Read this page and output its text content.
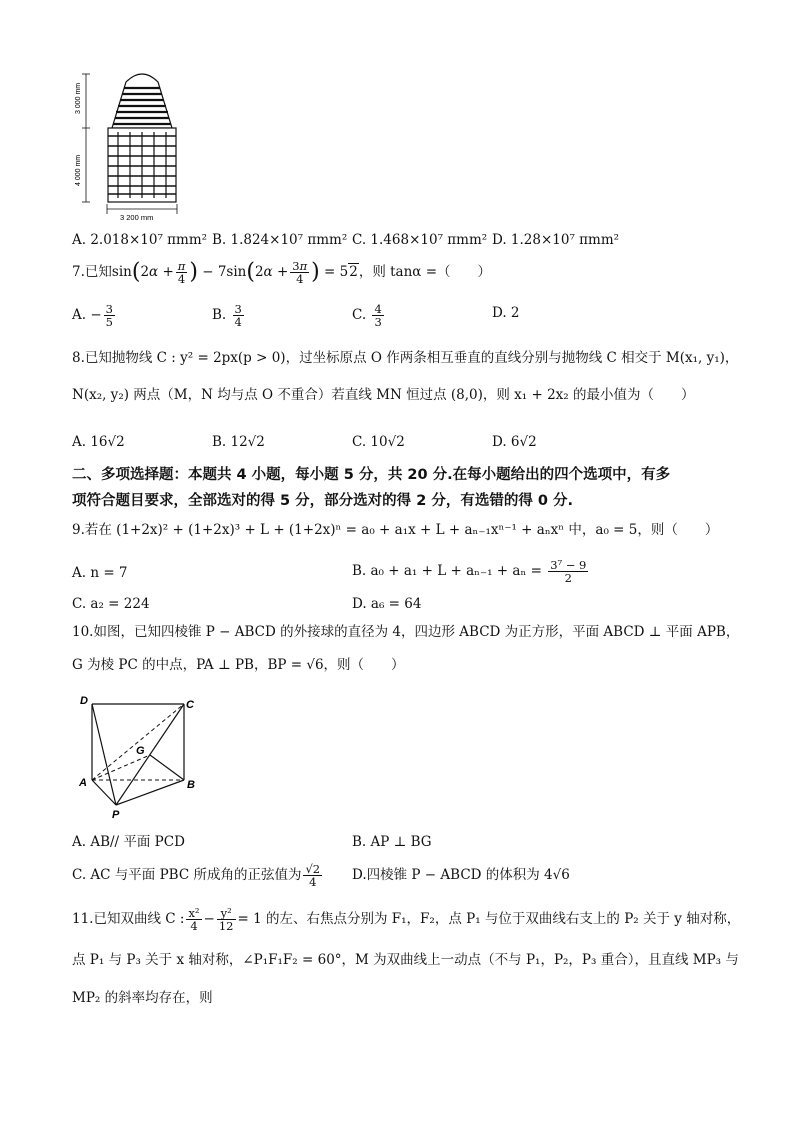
3 000 mm
4 000 mm
3 200 mm
A. 2.018×10⁷ πmm² B. 1.824×10⁷ πmm² C. 1.468×10⁷ πmm² D. 1.28×10⁷ πmm²
7.已知$\sin(2\alpha + \frac{\pi}{4}$ ) − $7\sin(2\alpha + \frac{3\pi}{4}$ ) = 52，则 tanα =（　　）
A. − $\frac{3}{5}$	B. $\frac{3}{4}$	C. $\frac{4}{3}$	D. 2
8.已知抛物线 C : y² = 2px(p > 0)，过坐标原点 O 作两条相互垂直的直线分别与抛物线 C 相交于 M(x₁, y₁)，
N(x₂, y₂) 两点（M，N 均与点 O 不重合）若直线 MN 恒过点 (8,0)，则 x₁ + 2x₂ 的最小值为（　　）
A. 16√2	B. 12√2	C. 10√2	D. 6√2
二、多项选择题：本题共 4 小题，每小题 5 分，共 20 分.在每小题给出的四个选项中，有多
项符合题目要求，全部选对的得 5 分，部分选对的得 2 分，有选错的得 0 分.
9.若在 (1+2x)² + (1+2x)³ + L + (1+2x)ⁿ = a₀ + a₁x + L + aₙ₋₁xⁿ⁻¹ + aₙxⁿ 中，a₀ = 5，则（　　）
A. n = 7	B. $a_0 + a_1 + L + a_{n-1} + a_n = \frac{\text{3⁷ − 9}}{2}$
C. a₂ = 224	D. a₆ = 64
10.如图，已知四棱锥 P − ABCD 的外接球的直径为 4，四边形 ABCD 为正方形，平面 ABCD ⊥ 平面 APB，
G 为棱 PC 的中点，PA ⊥ PB，BP = √6，则（　　）
D	C
G
A	B
P
A. AB// 平面 PCD	B. AP ⊥ BG
C. AC 与平面 PBC 所成角的正弦值为 $\frac{√2}{4} D$.四棱锥 P − ABCD 的体积为 4√6
11.已知双曲线 C : $\frac{\text{x²}}{4} - \frac{\text{y²}}{12} = 1$ 的左、右焦点分别为 F₁，F₂，点 P₁ 与位于双曲线右支上的 P₂ 关于 y 轴对称，
点 P₁ 与 P₃ 关于 x 轴对称，∠P₁F₁F₂ = 60°，M 为双曲线上一动点（不与 P₁，P₂，P₃ 重合），且直线 MP₃ 与
MP₂ 的斜率均存在，则
